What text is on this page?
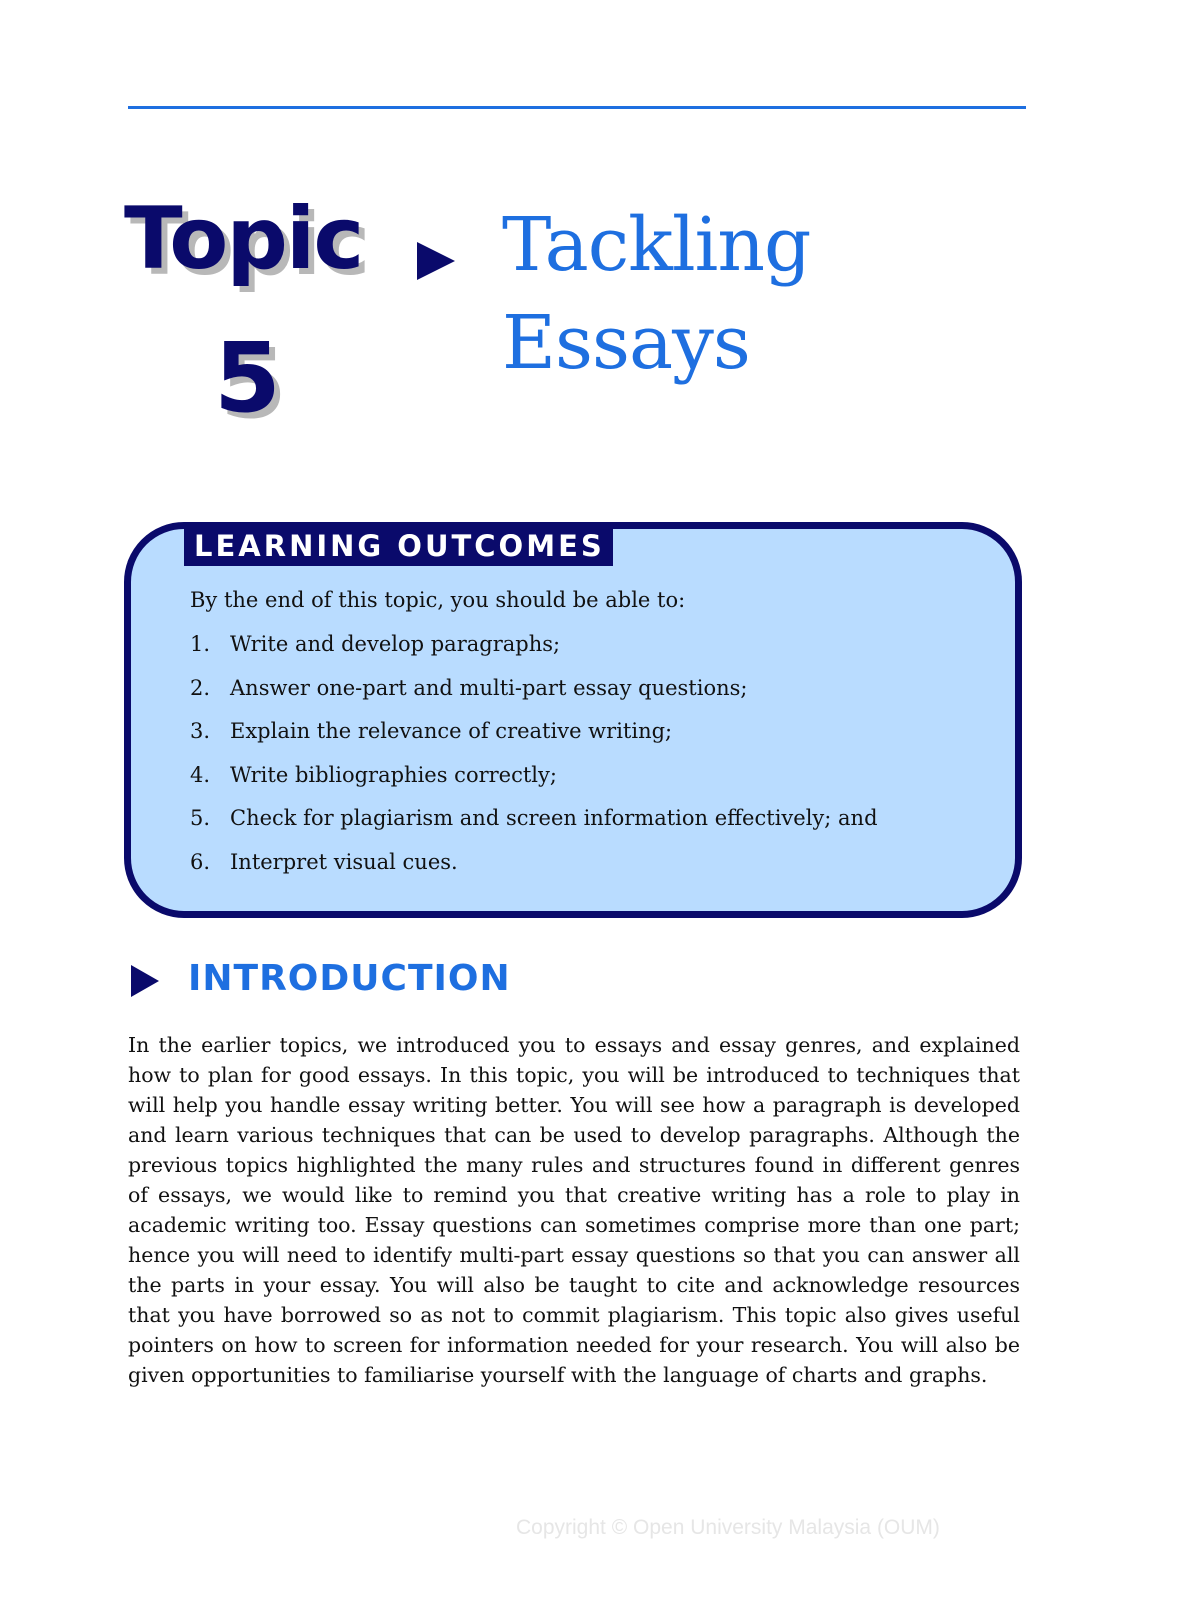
Topic
5
Tackling
Essays
LEARNING OUTCOMES
By the end of this topic, you should be able to:
1. Write and develop paragraphs;
2. Answer one-part and multi-part essay questions;
3. Explain the relevance of creative writing;
4. Write bibliographies correctly;
5. Check for plagiarism and screen information effectively; and
6. Interpret visual cues.
INTRODUCTION

In the earlier topics, we introduced you to essays and essay genres, and explained how to plan for good essays. In this topic, you will be introduced to techniques that will help you handle essay writing better. You will see how a paragraph is developed and learn various techniques that can be used to develop paragraphs. Although the previous topics highlighted the many rules and structures found in different genres of essays, we would like to remind you that creative writing has a role to play in academic writing too. Essay questions can sometimes comprise more than one part; hence you will need to identify multi-part essay questions so that you can answer all the parts in your essay. You will also be taught to cite and acknowledge resources that you have borrowed so as not to commit plagiarism. This topic also gives useful pointers on how to screen for information needed for your research. You will also be given opportunities to familiarise yourself with the language of charts and graphs.

Copyright © Open University Malaysia (OUM)
